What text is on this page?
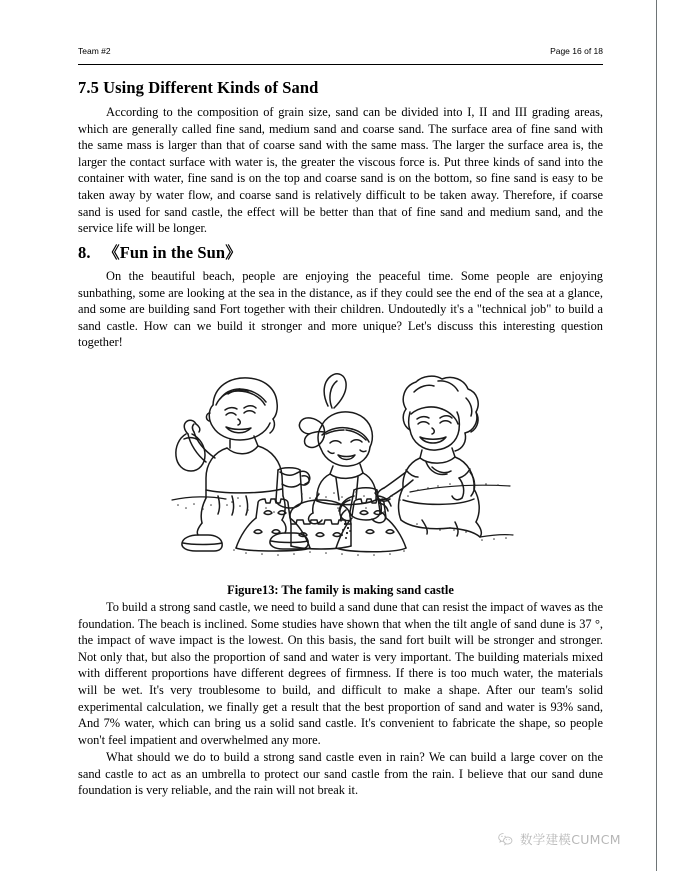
Team #2	Page 16 of 18
7.5 Using Different Kinds of Sand
According to the composition of grain size, sand can be divided into I, II and III grading areas, which are generally called fine sand, medium sand and coarse sand. The surface area of fine sand with the same mass is larger than that of coarse sand with the same mass. The larger the surface area is, the larger the contact surface with water is, the greater the viscous force is. Put three kinds of sand into the container with water, fine sand is on the top and coarse sand is on the bottom, so fine sand is easy to be taken away by water flow, and coarse sand is relatively difficult to be taken away. Therefore, if coarse sand is used for sand castle, the effect will be better than that of fine sand and medium sand, and the service life will be longer.
8. 《Fun in the Sun》
On the beautiful beach, people are enjoying the peaceful time. Some people are enjoying sunbathing, some are looking at the sea in the distance, as if they could see the end of the sea at a glance, and some are building sand Fort together with their children. Undoutedly it's a "technical job" to build a sand castle. How can we build it stronger and more unique? Let's discuss this interesting question together!
Figure13: The family is making sand castle
To build a strong sand castle, we need to build a sand dune that can resist the impact of waves as the foundation. The beach is inclined. Some studies have shown that when the tilt angle of sand dune is 37 °, the impact of wave impact is the lowest. On this basis, the sand fort built will be stronger and stronger. Not only that, but also the proportion of sand and water is very important. The building materials mixed with different proportions have different degrees of firmness. If there is too much water, the materials will be wet. It's very troublesome to build, and difficult to make a shape. After our team's solid experimental calculation, we finally get a result that the best proportion of sand and water is 93% sand, And 7% water, which can bring us a solid sand castle. It's convenient to fabricate the shape, so people won't feel impatient and overwhelmed any more.
What should we do to build a strong sand castle even in rain? We can build a large cover on the sand castle to act as an umbrella to protect our sand castle from the rain. I believe that our sand dune foundation is very reliable, and the rain will not break it.
数学建模CUMCM
